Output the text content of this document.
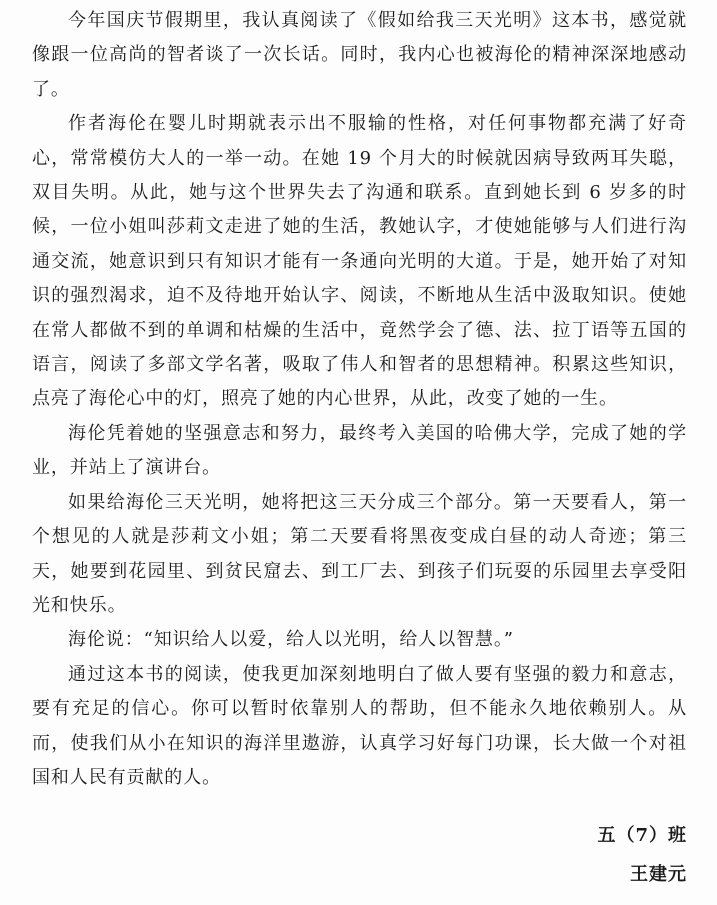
今年国庆节假期里，我认真阅读了《假如给我三天光明》这本书，感觉就像跟一位高尚的智者谈了一次长话。同时，我内心也被海伦的精神深深地感动了。

作者海伦在婴儿时期就表示出不服输的性格，对任何事物都充满了好奇心，常常模仿大人的一举一动。在她 19 个月大的时候就因病导致两耳失聪，双目失明。从此，她与这个世界失去了沟通和联系。直到她长到 6 岁多的时候，一位小姐叫莎莉文走进了她的生活，教她认字，才使她能够与人们进行沟通交流，她意识到只有知识才能有一条通向光明的大道。于是，她开始了对知识的强烈渴求，迫不及待地开始认字、阅读，不断地从生活中汲取知识。使她在常人都做不到的单调和枯燥的生活中，竟然学会了德、法、拉丁语等五国的语言，阅读了多部文学名著，吸取了伟人和智者的思想精神。积累这些知识，点亮了海伦心中的灯，照亮了她的内心世界，从此，改变了她的一生。

海伦凭着她的坚强意志和努力，最终考入美国的哈佛大学，完成了她的学业，并站上了演讲台。

如果给海伦三天光明，她将把这三天分成三个部分。第一天要看人，第一个想见的人就是莎莉文小姐；第二天要看将黑夜变成白昼的动人奇迹；第三天，她要到花园里、到贫民窟去、到工厂去、到孩子们玩耍的乐园里去享受阳光和快乐。

海伦说：“知识给人以爱，给人以光明，给人以智慧。”

通过这本书的阅读，使我更加深刻地明白了做人要有坚强的毅力和意志，要有充足的信心。你可以暂时依靠别人的帮助，但不能永久地依赖别人。从而，使我们从小在知识的海洋里遨游，认真学习好每门功课，长大做一个对祖国和人民有贡献的人。

五（7）班
王建元
